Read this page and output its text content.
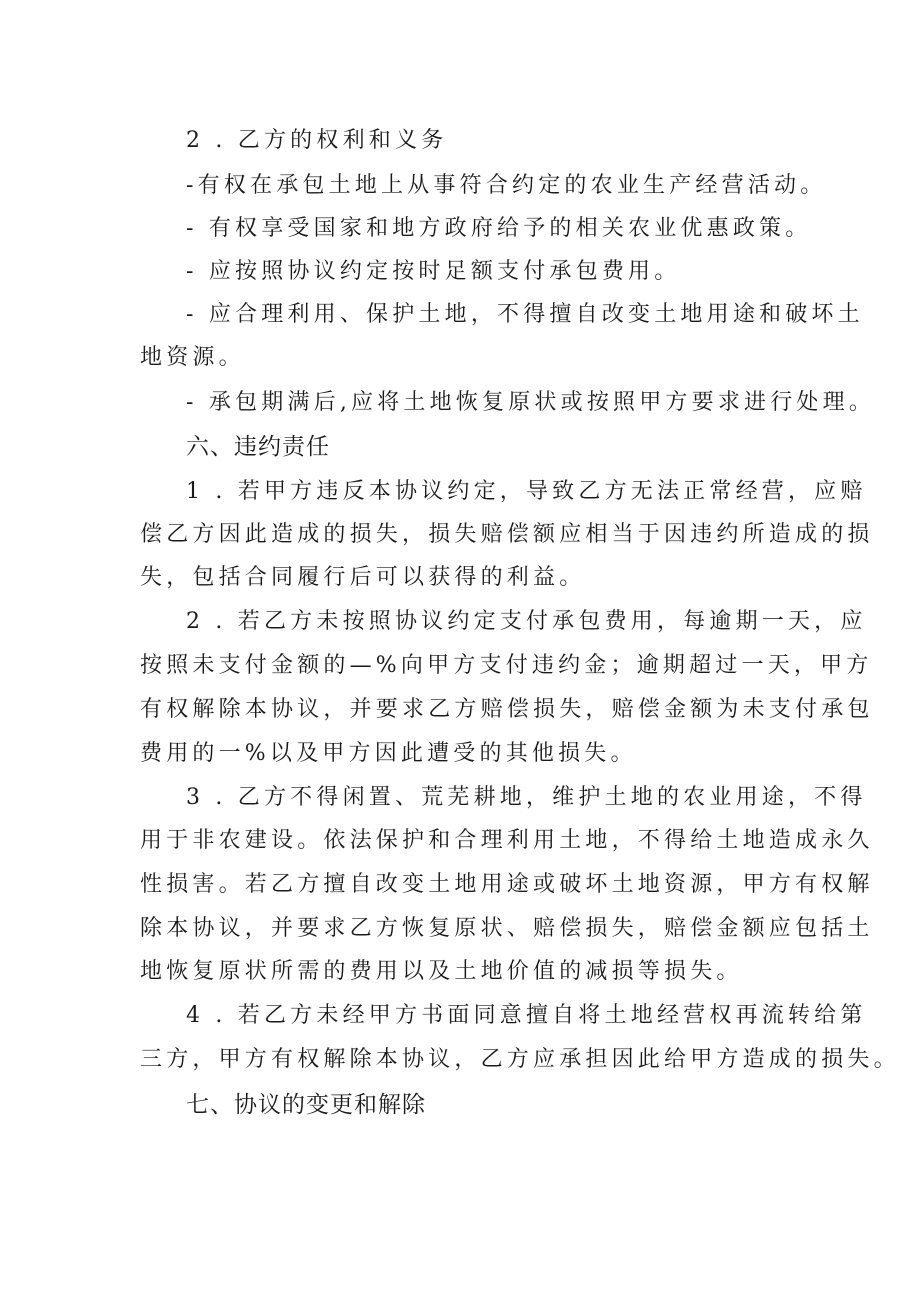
2 . 乙方的权利和义务
-有权在承包土地上从事符合约定的农业生产经营活动。
- 有权享受国家和地方政府给予的相关农业优惠政策。
- 应按照协议约定按时足额支付承包费用。
- 应合理利用、保护土地，不得擅自改变土地用途和破坏土
地资源。
- 承包期满后,应将土地恢复原状或按照甲方要求进行处理。
六、违约责任
1 . 若甲方违反本协议约定，导致乙方无法正常经营，应赔
偿乙方因此造成的损失，损失赔偿额应相当于因违约所造成的损
失，包括合同履行后可以获得的利益。
2 . 若乙方未按照协议约定支付承包费用，每逾期一天，应
按照未支付金额的—%向甲方支付违约金；逾期超过一天，甲方
有权解除本协议，并要求乙方赔偿损失，赔偿金额为未支付承包
费用的一%以及甲方因此遭受的其他损失。
3 . 乙方不得闲置、荒芜耕地，维护土地的农业用途，不得
用于非农建设。依法保护和合理利用土地，不得给土地造成永久
性损害。若乙方擅自改变土地用途或破坏土地资源，甲方有权解
除本协议，并要求乙方恢复原状、赔偿损失，赔偿金额应包括土
地恢复原状所需的费用以及土地价值的减损等损失。
4 . 若乙方未经甲方书面同意擅自将土地经营权再流转给第
三方，甲方有权解除本协议，乙方应承担因此给甲方造成的损失。
七、协议的变更和解除
